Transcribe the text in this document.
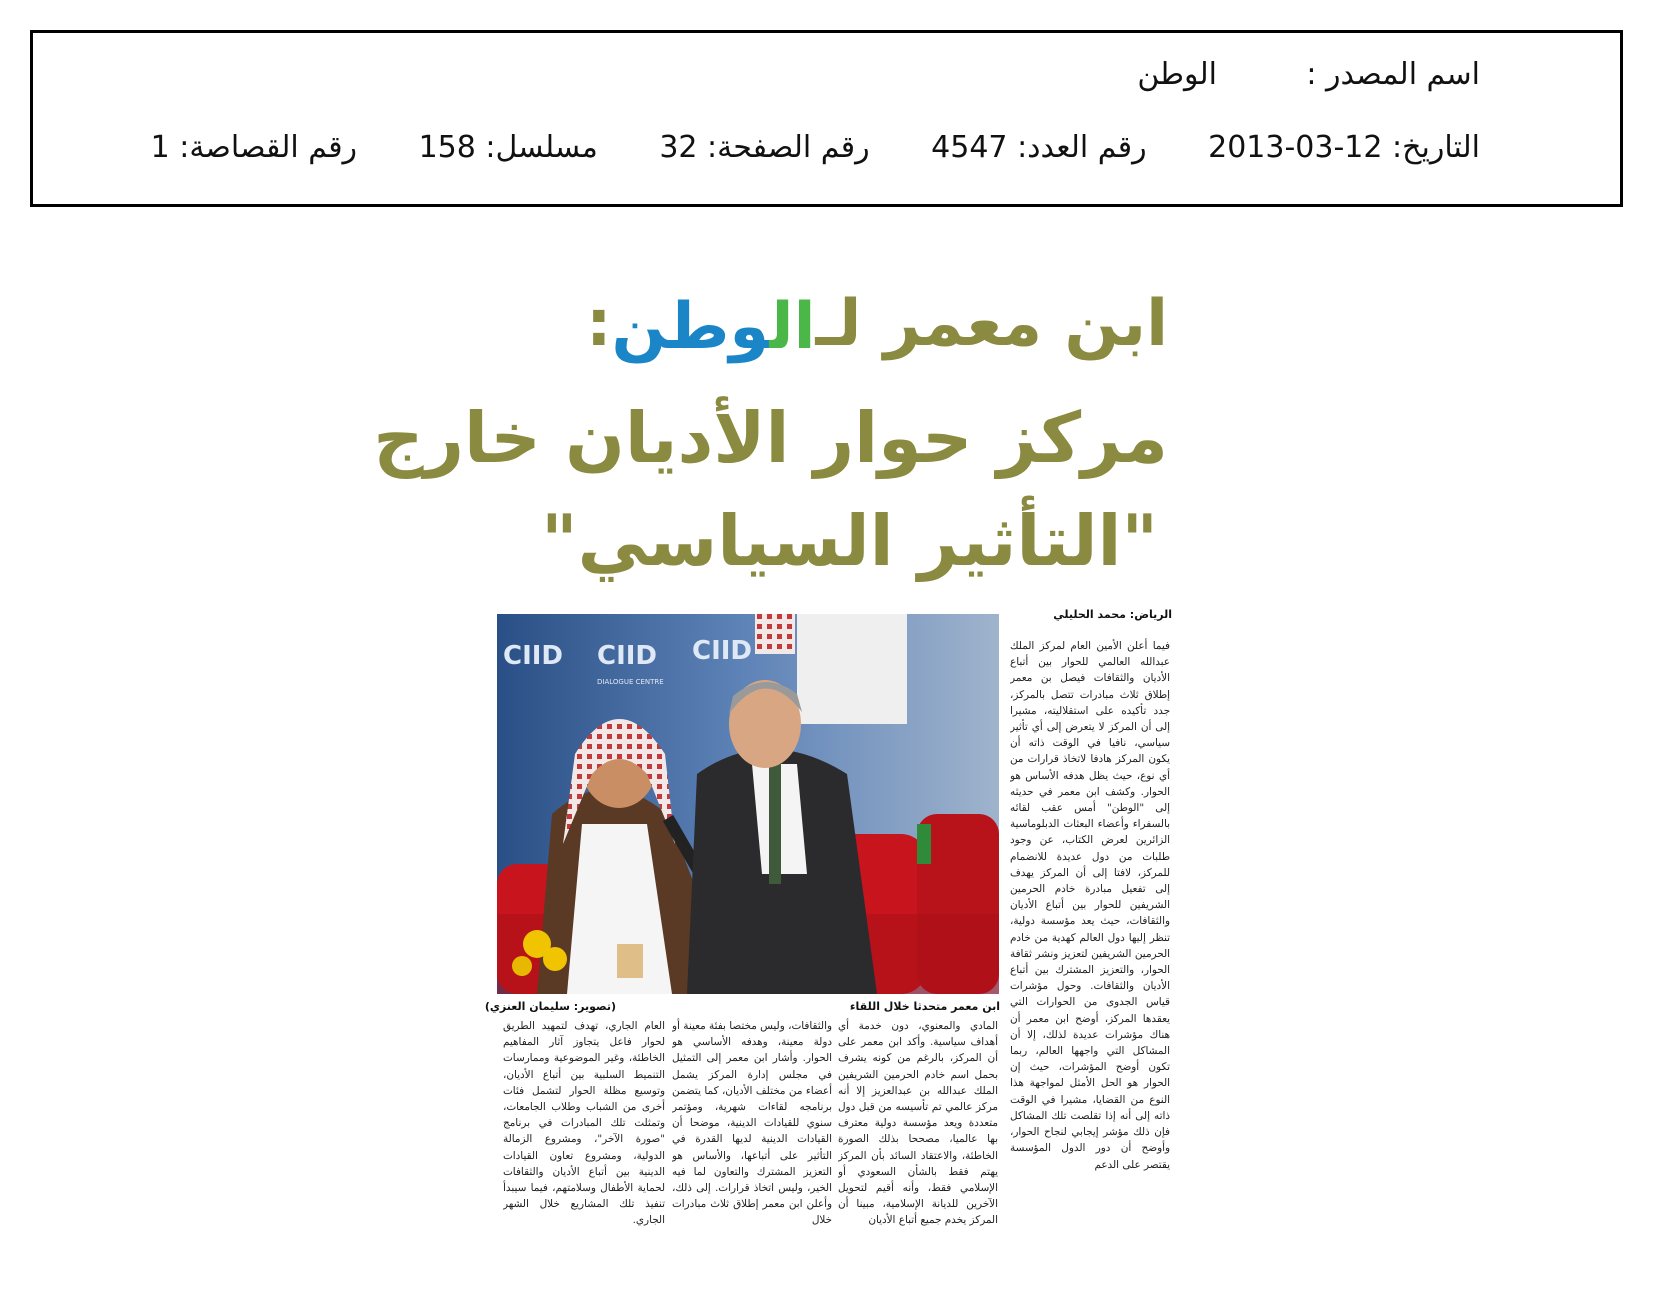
اسم المصدر :
الوطن
التاريخ: 2013-03-12 رقم العدد: 4547 رقم الصفحة: 32 مسلسل: 158 رقم القصاصة: 1
ابن معمر لـالوطن:
مركز حوار الأديان خارج
"التأثير السياسي"
الرياض: محمد الحليلي
CIID CIID
DIALOGUE CENTRE
CIID
ابن معمر متحدثا خلال اللقاء
(تصوير: سليمان العنزي)
فيما أعلن الأمين العام لمركز الملك عبدالله العالمي للحوار بين أتباع الأديان والثقافات فيصل بن معمر إطلاق ثلاث مبادرات تتصل بالمركز، جدد تأكيده على استقلاليته، مشيرا إلى أن المركز لا يتعرض إلى أي تأثير سياسي، نافيا في الوقت ذاته أن يكون المركز هادفا لاتخاذ قرارات من أي نوع، حيث يظل هدفه الأساس هو الحوار. وكشف ابن معمر في حديثه إلى "الوطن" أمس عقب لقائه بالسفراء وأعضاء البعثات الدبلوماسية الزائرين لعرض الكتاب، عن وجود طلبات من دول عديدة للانضمام للمركز، لافتا إلى أن المركز يهدف إلى تفعيل مبادرة خادم الحرمين الشريفين للحوار بين أتباع الأديان والثقافات، حيث يعد مؤسسة دولية، تنظر إليها دول العالم كهدية من خادم الحرمين الشريفين لتعزيز ونشر ثقافة الحوار، والتعزيز المشترك بين أتباع الأديان والثقافات. وحول مؤشرات قياس الجدوى من الحوارات التي يعقدها المركز، أوضح ابن معمر أن هناك مؤشرات عديدة لذلك، إلا أن المشاكل التي واجهها العالم، ربما تكون أوضح المؤشرات، حيث إن الحوار هو الحل الأمثل لمواجهة هذا النوع من القضايا، مشيرا في الوقت ذاته إلى أنه إذا تقلصت تلك المشاكل فإن ذلك مؤشر إيجابي لنجاح الحوار، وأوضح أن دور الدول المؤسسة يقتصر على الدعم
المادي والمعنوي، دون خدمة أي أهداف سياسية. وأكد ابن معمر على أن المركز، بالرغم من كونه يشرف بحمل اسم خادم الحرمين الشريفين الملك عبدالله بن عبدالعزيز إلا أنه مركز عالمي تم تأسيسه من قبل دول متعددة ويعد مؤسسة دولية معترف بها عالميا، مصححا بذلك الصورة الخاطئة، والاعتقاد السائد بأن المركز يهتم فقط بالشأن السعودي أو الإسلامي فقط، وأنه أقيم لتحويل الآخرين للديانة الإسلامية، مبينا أن المركز يخدم جميع أتباع الأديان
والثقافات، وليس مختصا بفئة معينة أو دولة معينة، وهدفه الأساسي هو الحوار. وأشار ابن معمر إلى التمثيل في مجلس إدارة المركز يشمل أعضاء من مختلف الأديان، كما يتضمن برنامجه لقاءات شهرية، ومؤتمر سنوي للقيادات الدينية، موضحا أن القيادات الدينية لديها القدرة في التأثير على أتباعها، والأساس هو التعزيز المشترك والتعاون لما فيه الخير، وليس اتخاذ قرارات. إلى ذلك، وأعلن ابن معمر إطلاق ثلاث مبادرات خلال
العام الجاري، تهدف لتمهيد الطريق لحوار فاعل يتجاوز آثار المفاهيم الخاطئة، وغير الموضوعية وممارسات التنميط السلبية بين أتباع الأديان، وتوسيع مظلة الحوار لتشمل فئات أخرى من الشباب وطلاب الجامعات، وتمثلت تلك المبادرات في برنامج "صورة الآخر"، ومشروع الزمالة الدولية، ومشروع تعاون القيادات الدينية بين أتباع الأديان والثقافات لحماية الأطفال وسلامتهم، فيما سيبدأ تنفيذ تلك المشاريع خلال الشهر الجاري.
